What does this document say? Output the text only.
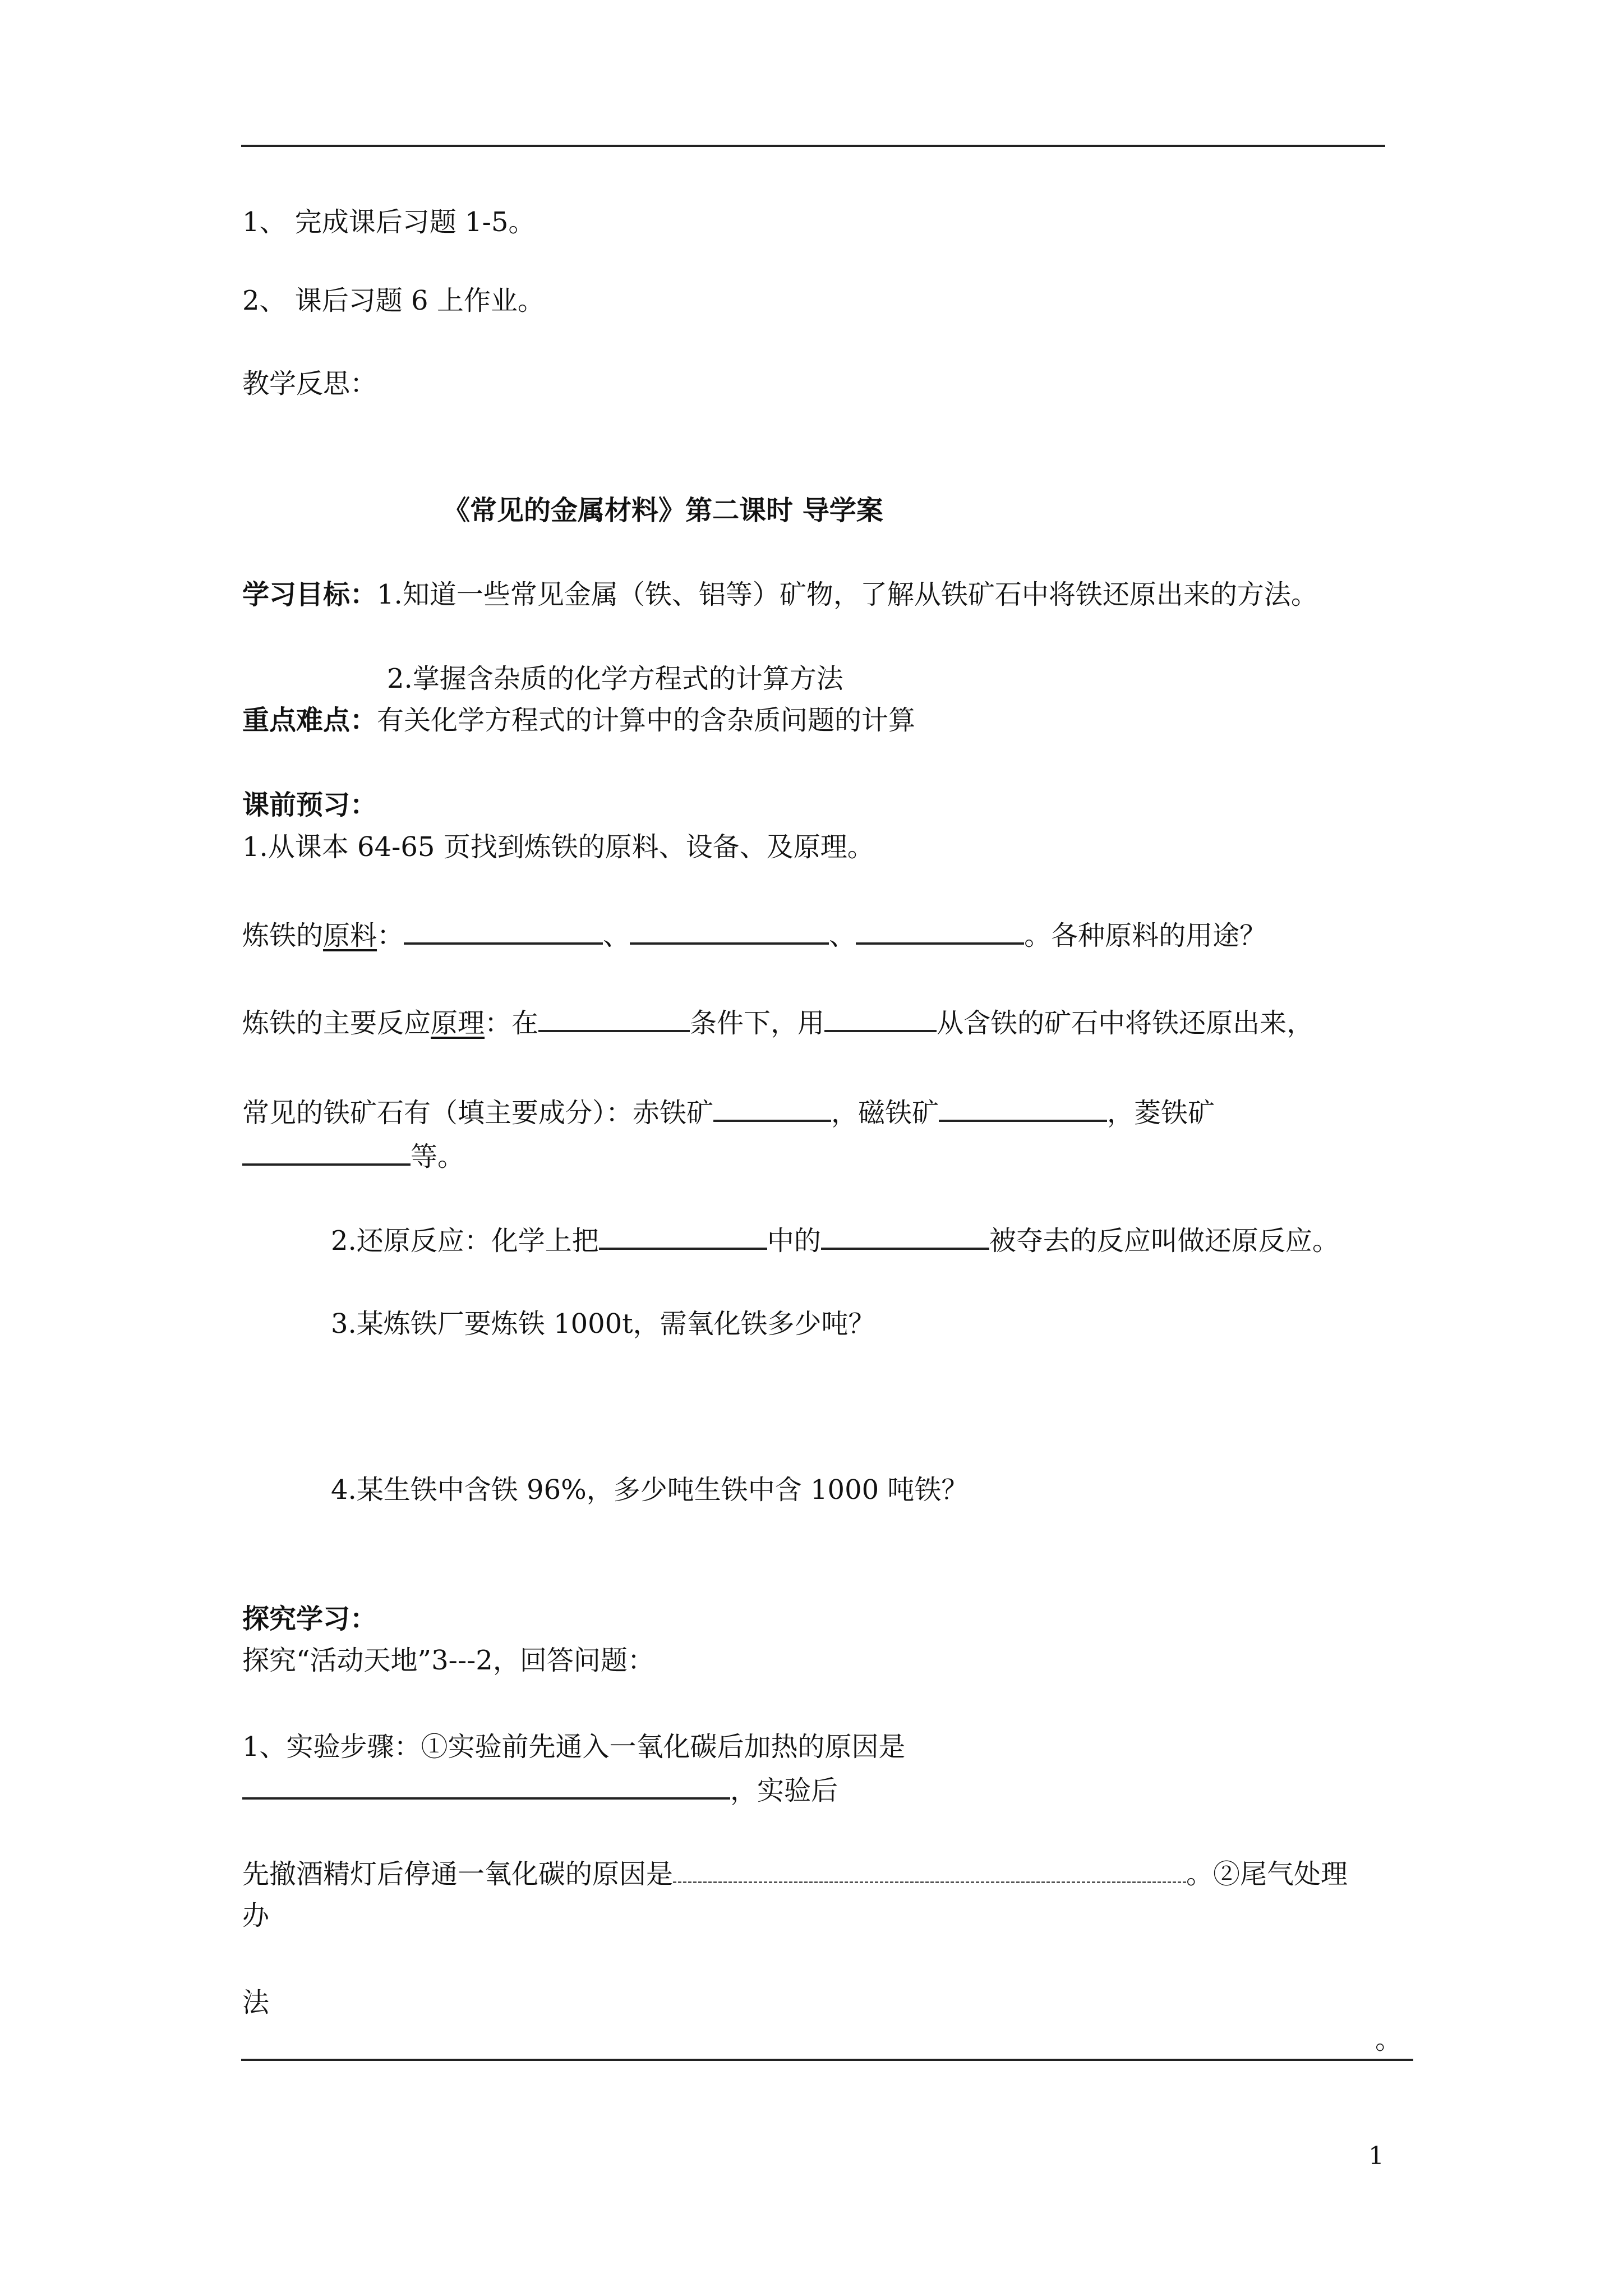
1、 完成课后习题 1-5。
2、 课后习题 6 上作业。
教学反思：
《常见的金属材料》第二课时 导学案
学习目标：1.知道一些常见金属（铁、铝等）矿物，了解从铁矿石中将铁还原出来的方法。
2.掌握含杂质的化学方程式的计算方法
重点难点：有关化学方程式的计算中的含杂质问题的计算
课前预习：
1.从课本 64-65 页找到炼铁的原料、设备、及原理。
炼铁的原料：	、	、	。各种原料的用途？
炼铁的主要反应原理：在	条件下，用	从含铁的矿石中将铁还原出来，
常见的铁矿石有（填主要成分）：赤铁矿	，磁铁矿	，菱铁矿
等。
2.还原反应：化学上把	中的	被夺去的反应叫做还原反应。
3.某炼铁厂要炼铁 1000t，需氧化铁多少吨？
4.某生铁中含铁 96%，多少吨生铁中含 1000 吨铁？
探究学习：
探究“活动天地”3---2，回答问题：
1、实验步骤：①实验前先通入一氧化碳后加热的原因是
，实验后
先撤酒精灯后停通一氧化碳的原因是	。②尾气处理
办
法
。
1
